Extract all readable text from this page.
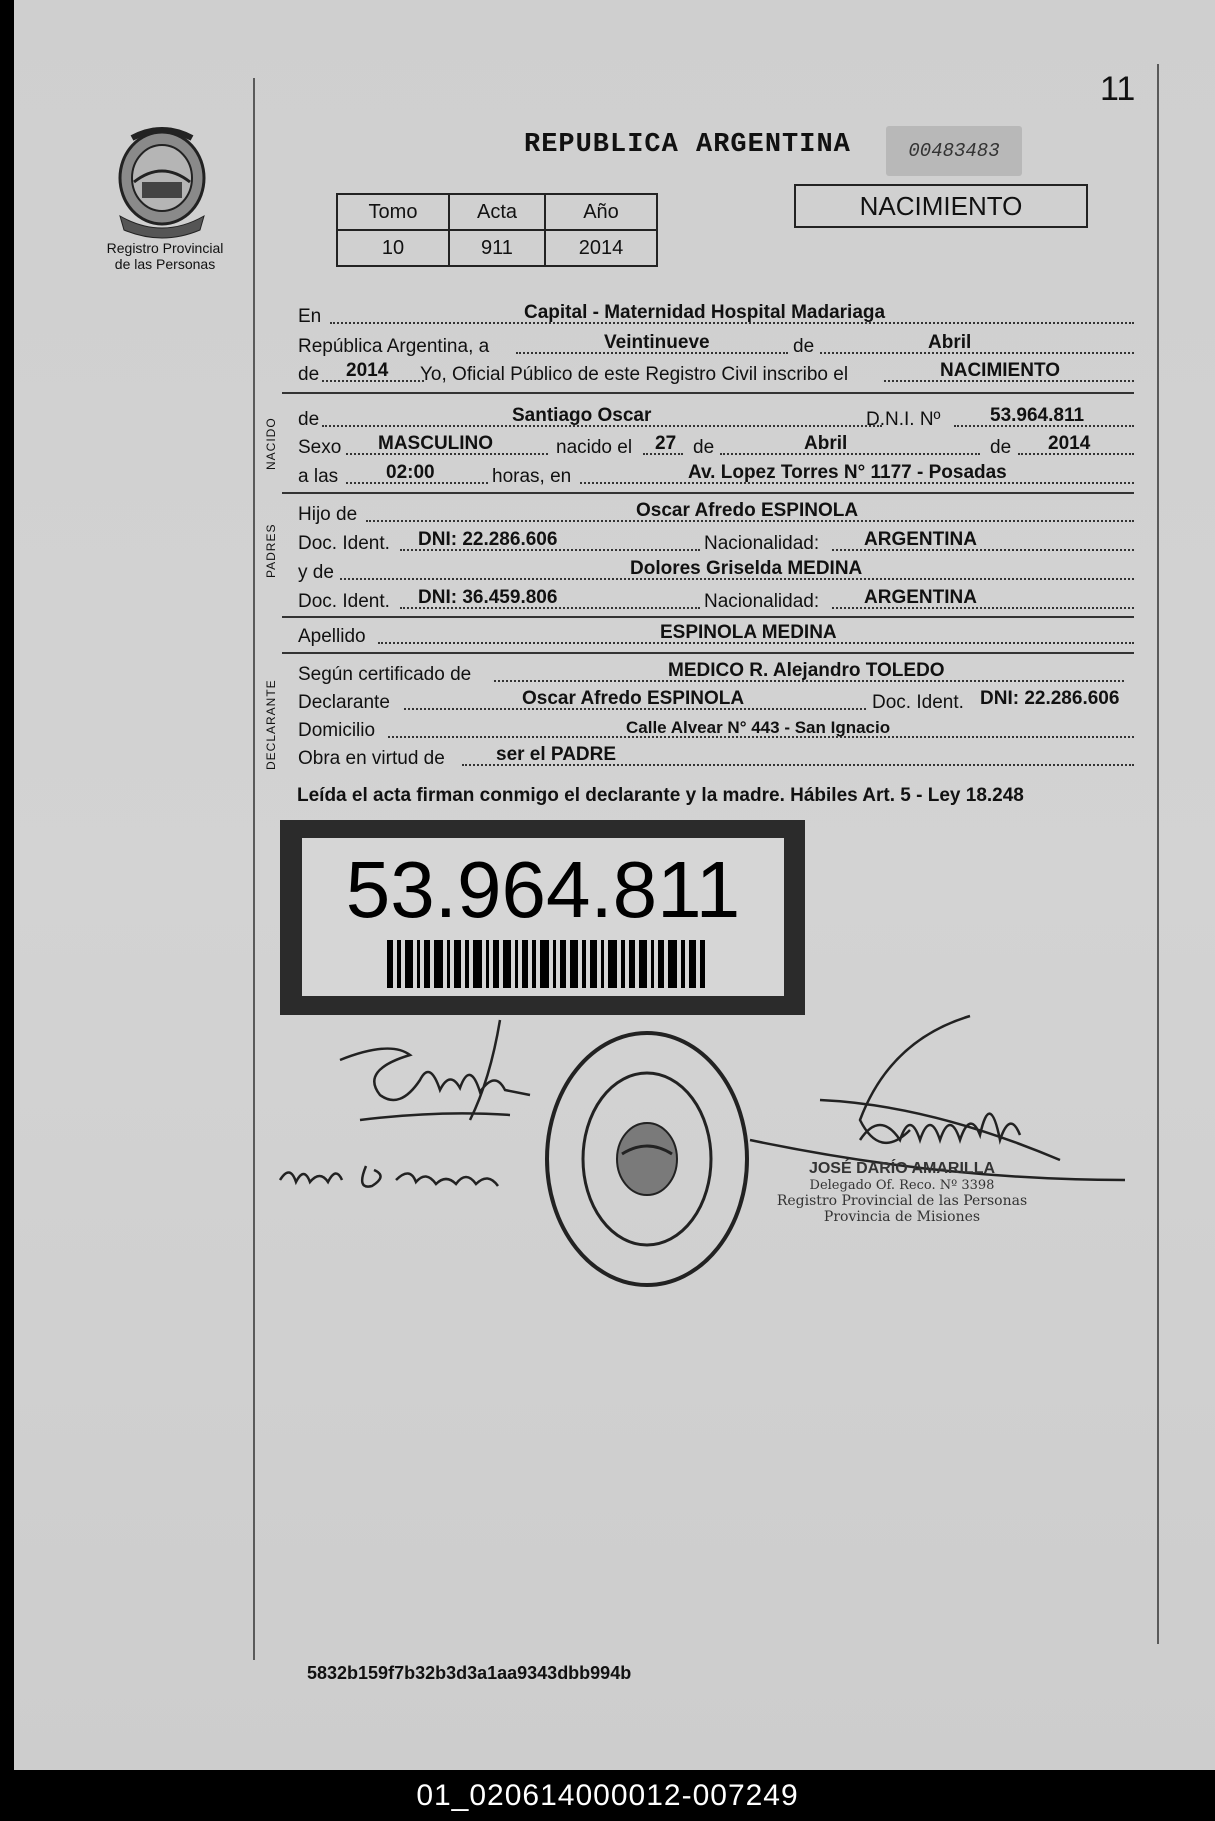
01_020614000012-007249
11
Registro Provincial
de las Personas
REPUBLICA ARGENTINA	00483483
Tomo	Acta	Año
10	911	2014
NACIMIENTO
En	Capital - Maternidad Hospital Madariaga
República Argentina, a	Veintinueve	de	Abril
de 2014 Yo, Oficial Público de este Registro Civil inscribo el	NACIMIENTO
NACIDO de	Santiago Oscar	D.N.I. Nº	53.964.811
Sexo MASCULINO	nacido el 27 de	Abril	de 2014
a las	02:00	horas, en	Av. Lopez Torres N° 1177 - Posadas
PADRES
Hijo de	Oscar Afredo ESPINOLA
Doc. Ident. DNI: 22.286.606	Nacionalidad: ARGENTINA
y de	Dolores Griselda MEDINA
Doc. Ident. DNI: 36.459.806	Nacionalidad: ARGENTINA
Apellido	ESPINOLA MEDINA
DECLARANTE
Según certificado de	MEDICO R. Alejandro TOLEDO
Declarante	Oscar Afredo ESPINOLA	Doc. Ident. DNI: 22.286.606
Domicilio	Calle Alvear N° 443 - San Ignacio
Obra en virtud de	ser el PADRE
Leída el acta firman conmigo el declarante y la madre. Hábiles Art. 5 - Ley 18.248
53.964.811
JOSÉ DARÍO AMARILLA
Delegado Of. Reco. Nº 3398
Registro Provincial de las Personas
Provincia de Misiones
5832b159f7b32b3d3a1aa9343dbb994b
